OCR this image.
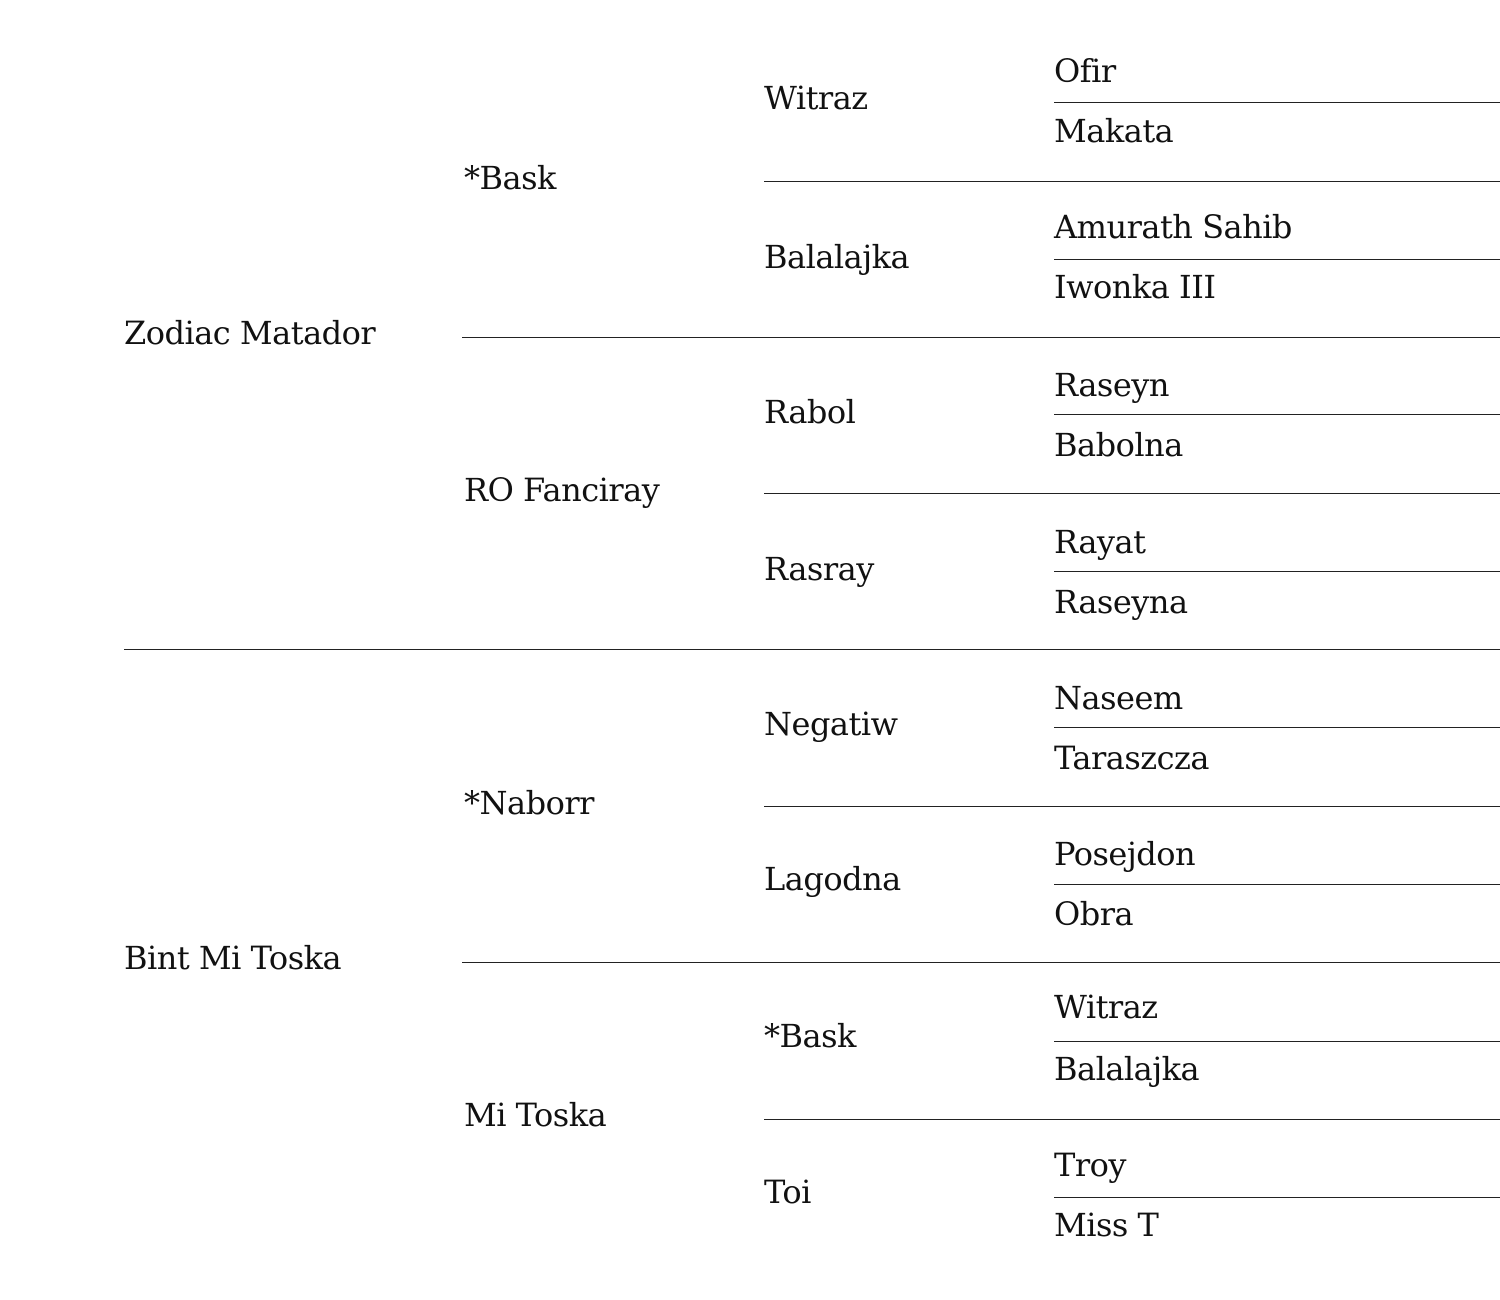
Zodiac Matador
Bint Mi Toska
*Bask
RO Fanciray
*Naborr
Mi Toska
Witraz
Balalajka
Rabol
Rasray
Negatiw
Lagodna
*Bask
Toi
Ofir
Makata
Amurath Sahib
Iwonka III
Raseyn
Babolna
Rayat
Raseyna
Naseem
Taraszcza
Posejdon
Obra
Witraz
Balalajka
Troy
Miss T
